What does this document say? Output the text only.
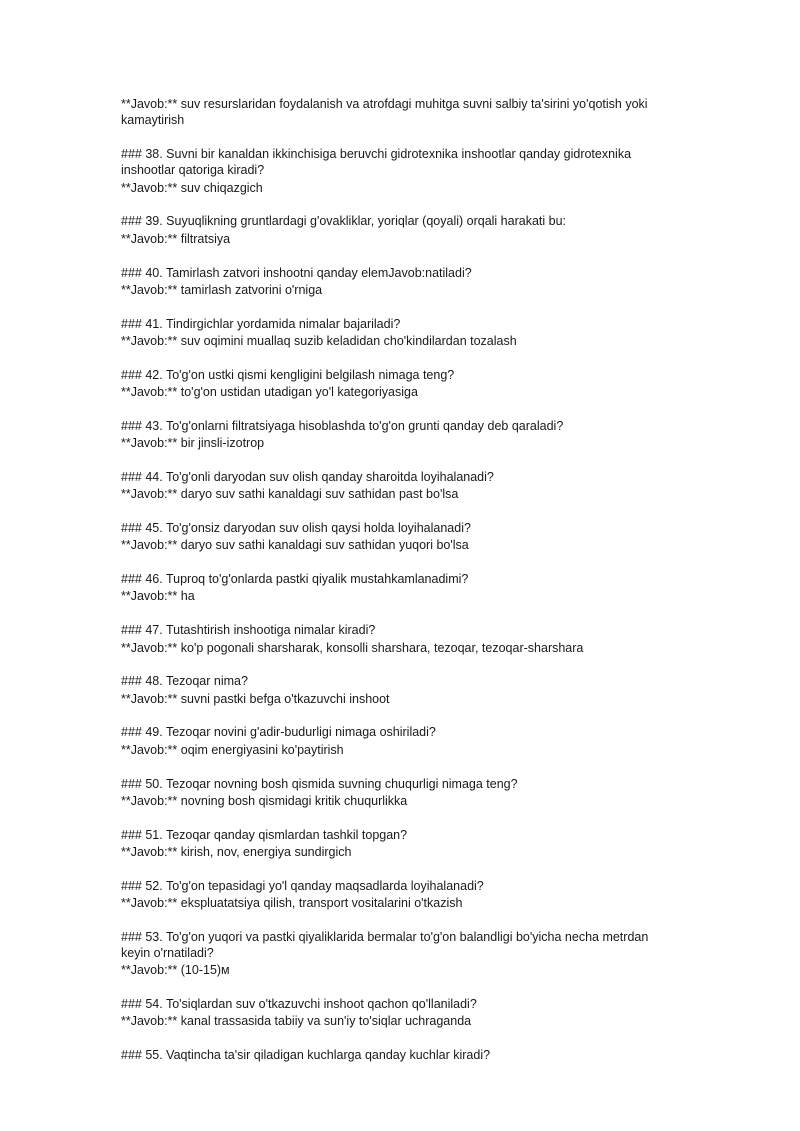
**Javob:** suv resurslaridan foydalanish va atrofdagi muhitga suvni salbiy ta'sirini yo'qotish yoki kamaytirish

### 38. Suvni bir kanaldan ikkinchisiga beruvchi gidrotexnika inshootlar qanday gidrotexnika inshootlar qatoriga kiradi?

**Javob:** suv chiqazgich

### 39. Suyuqlikning gruntlardagi g'ovakliklar, yoriqlar (qoyali) orqali harakati bu:

**Javob:** filtratsiya

### 40. Tamirlash zatvori inshootni qanday elemJavob:natiladi?

**Javob:** tamirlash zatvorini o'rniga

### 41. Tindirgichlar yordamida nimalar bajariladi?

**Javob:** suv oqimini muallaq suzib keladidan cho'kindilardan tozalash

### 42. To'g'on ustki qismi kengligini belgilash nimaga teng?

**Javob:** to'g'on ustidan utadigan yo'l kategoriyasiga

### 43. To'g'onlarni filtratsiyaga hisoblashda to'g'on grunti qanday deb qaraladi?

**Javob:** bir jinsli-izotrop

### 44. To'g'onli daryodan suv olish qanday sharoitda loyihalanadi?

**Javob:** daryo suv sathi kanaldagi suv sathidan past bo'lsa

### 45. To'g'onsiz daryodan suv olish qaysi holda loyihalanadi?

**Javob:** daryo suv sathi kanaldagi suv sathidan yuqori bo'lsa

### 46. Tuproq to'g'onlarda pastki qiyalik mustahkamlanadimi?

**Javob:** ha

### 47. Tutashtirish inshootiga nimalar kiradi?

**Javob:** ko'p pogonali sharsharak, konsolli sharshara, tezoqar, tezoqar-sharshara

### 48. Tezoqar nima?

**Javob:** suvni pastki befga o'tkazuvchi inshoot

### 49. Tezoqar novini g'adir-budurligi nimaga oshiriladi?

**Javob:** oqim energiyasini ko'paytirish

### 50. Tezoqar novning bosh qismida suvning chuqurligi nimaga teng?

**Javob:** novning bosh qismidagi kritik chuqurlikka

### 51. Tezoqar qanday qismlardan tashkil topgan?

**Javob:** kirish, nov, energiya sundirgich

### 52. To'g'on tepasidagi yo'l qanday maqsadlarda loyihalanadi?

**Javob:** ekspluatatsiya qilish, transport vositalarini o'tkazish

### 53. To'g'on yuqori va pastki qiyaliklarida bermalar to'g'on balandligi bo'yicha necha metrdan keyin o'rnatiladi?

**Javob:** (10-15)м

### 54. To'siqlardan suv o'tkazuvchi inshoot qachon qo'llaniladi?

**Javob:** kanal trassasida tabiiy va sun'iy to'siqlar uchraganda

### 55. Vaqtincha ta'sir qiladigan kuchlarga qanday kuchlar kiradi?
